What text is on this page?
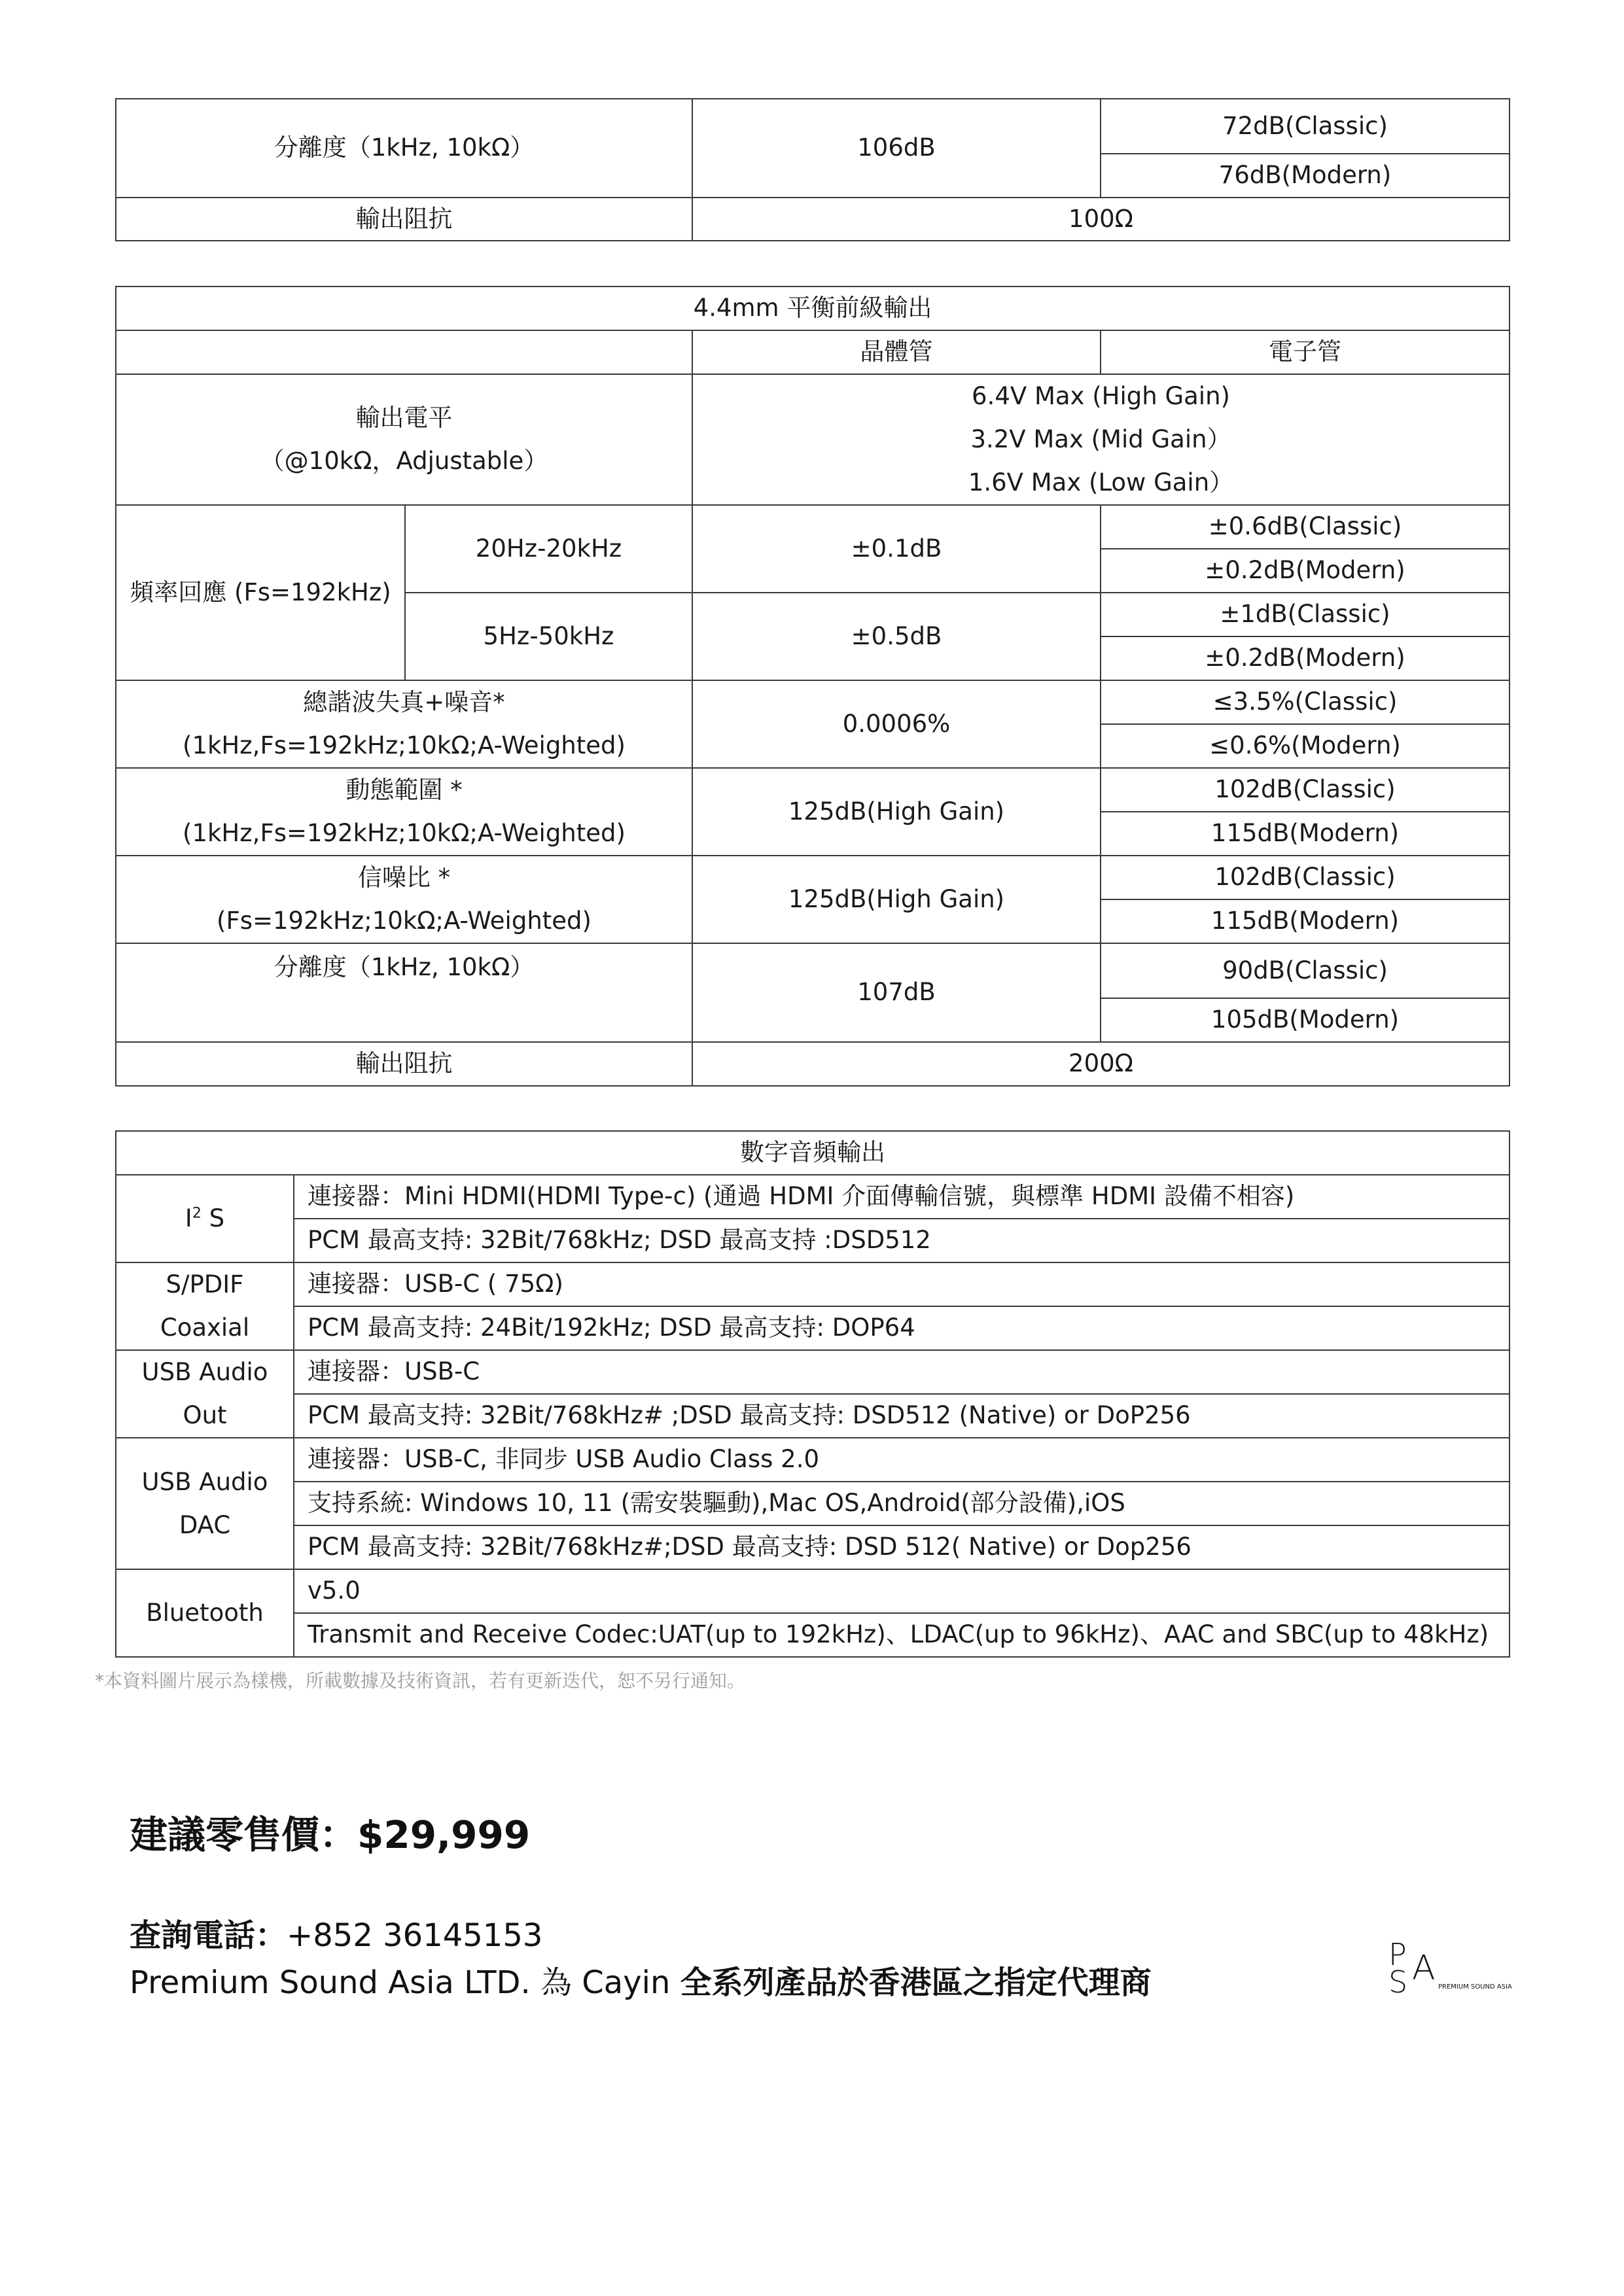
分離度（1kHz, 10kΩ）	106dB	72dB(Classic)
		76dB(Modern)
輸出阻抗	100Ω	
4.4mm 平衡前級輸出			
		晶體管	電子管

輸出電平
（@10kΩ，Adjustable）		6.4V Max (High Gain)
3.2V Max (Mid Gain）
1.6V Max (Low Gain）	

頻率回應 (Fs=192kHz)	20Hz-20kHz	±0.1dB	±0.6dB(Classic)
			±0.2dB(Modern)
	5Hz-50kHz	±0.5dB	±1dB(Classic)
			±0.2dB(Modern)
總諧波失真+噪音*		0.0006%	≤3.5%(Classic)
(1kHz,Fs=192kHz;10kΩ;A-Weighted)			≤0.6%(Modern)
動態範圍 *		125dB(High Gain)	102dB(Classic)
(1kHz,Fs=192kHz;10kΩ;A-Weighted)			115dB(Modern)
信噪比 *		125dB(High Gain)	102dB(Classic)
(Fs=192kHz;10kΩ;A-Weighted)			115dB(Modern)
分離度（1kHz, 10kΩ）		107dB	90dB(Classic)
			105dB(Modern)
輸出阻抗		200Ω	
數字音頻輸出	
$I^2$ S	連接器：Mini HDMI(HDMI Type-c) (通過 HDMI 介面傳輸信號，與標準 HDMI 設備不相容)
	PCM 最高支持: 32Bit/768kHz; DSD 最高支持 :DSD512

S/PDIF
Coaxial	連接器：USB-C ( 75Ω)
	PCM 最高支持: 24Bit/192kHz; DSD 最高支持: DOP64

USB Audio
Out	連接器：USB-C
	PCM 最高支持: 32Bit/768kHz# ;DSD 最高支持: DSD512 (Native) or DoP256

USB Audio
DAC	連接器：USB-C, 非同步 USB Audio Class 2.0
	支持系統: Windows 10, 11 (需安裝驅動),Mac OS,Android(部分設備),iOS
	PCM 最高支持: 32Bit/768kHz#;DSD 最高支持: DSD 512( Native) or Dop256
Bluetooth	v5.0
	Transmit and Receive Codec:UAT(up to 192kHz)、LDAC(up to 96kHz)、AAC and SBC(up to 48kHz)
*本資料圖片展示為樣機，所載數據及技術資訊，若有更新迭代，恕不另行通知。
建議零售價：$29,999
查詢電話：+852 36145153
Premium Sound Asia LTD. 為 Cayin 全系列產品於香港區之指定代理商
P
S A PREMIUM SOUND ASIA
